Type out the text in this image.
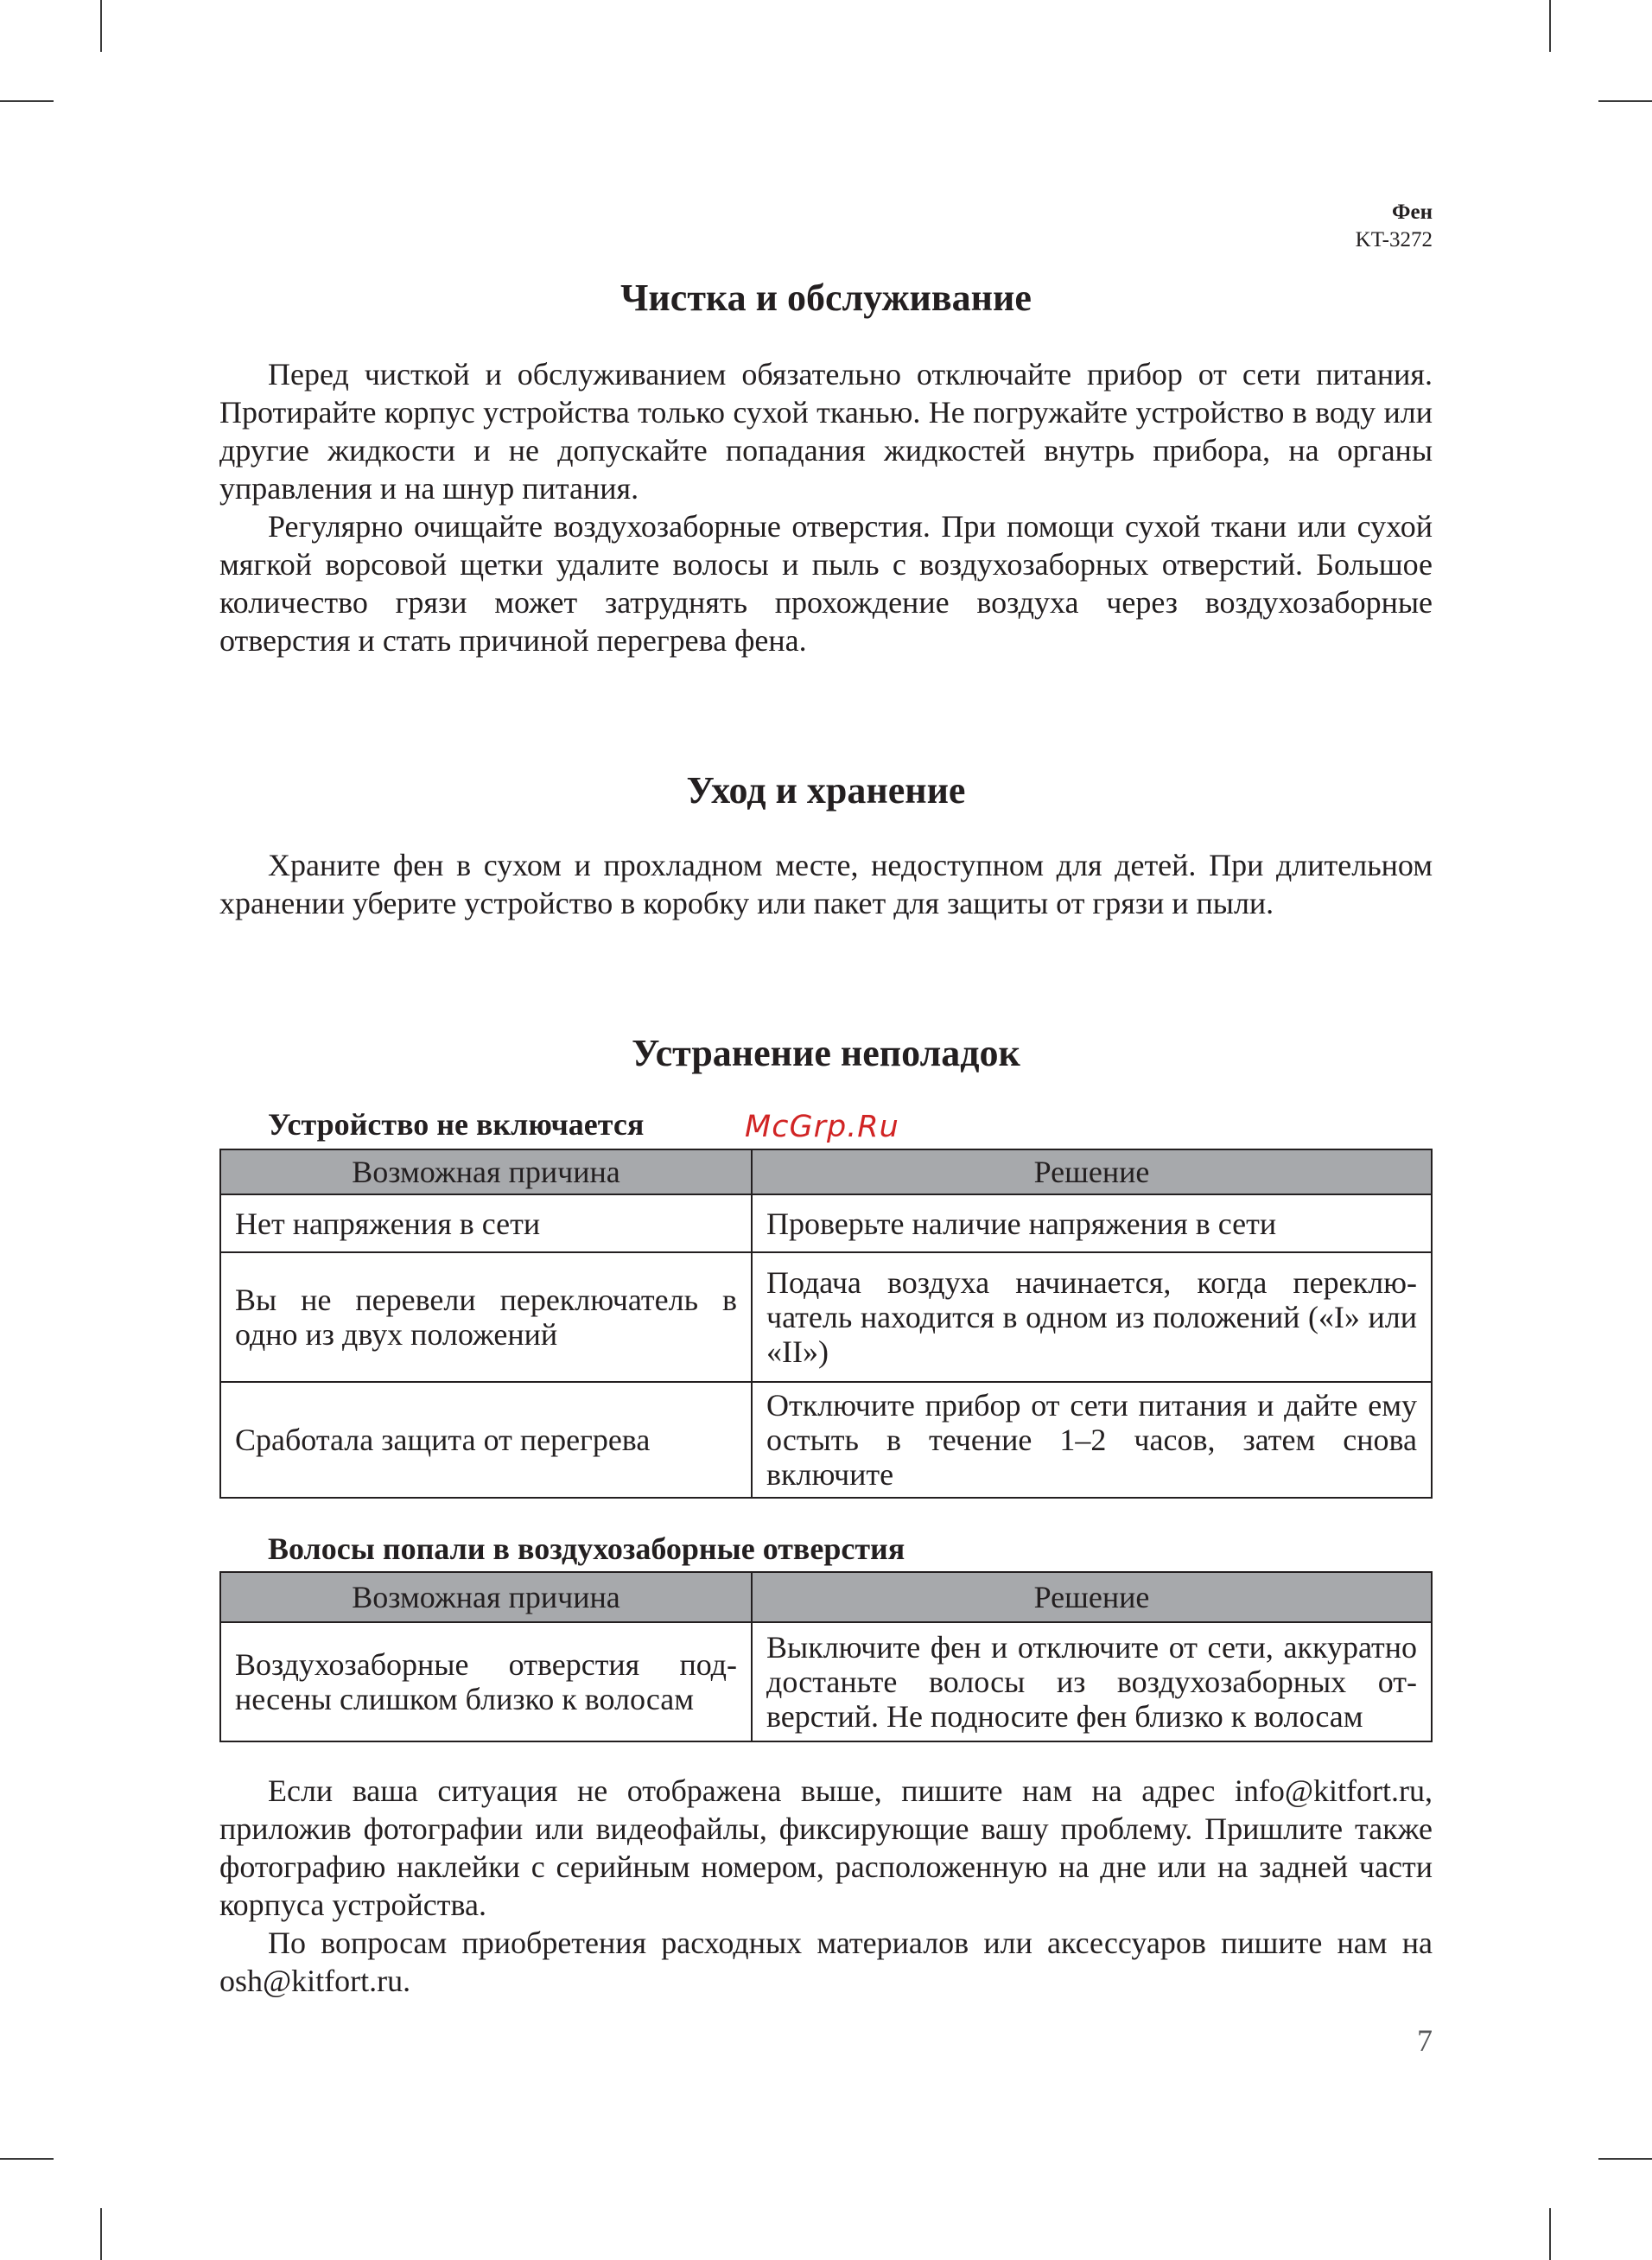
Фен
KT-3272
Чистка и обслуживание

Перед чисткой и обслуживанием обязательно отключайте прибор от сети питания. Протирайте корпус устройства только сухой тканью. Не погружайте устройство в воду или другие жидкости и не допускайте попадания жидкостей внутрь прибора, на органы управления и на шнур питания.

Регулярно очищайте воздухозаборные отверстия. При помощи сухой ткани или сухой мягкой ворсовой щетки удалите волосы и пыль с воздухозаборных отверстий. Большое количество грязи может затруднять прохождение воздуха через воздухозаборные отверстия и стать причиной перегрева фена.

Уход и хранение

Храните фен в сухом и прохладном месте, недоступном для детей. При длительном хранении уберите устройство в коробку или пакет для защиты от грязи и пыли.

Устранение неполадок

Устройство не включается

Возможная причина	Решение
Нет напряжения в сети	Проверьте наличие напряжения в сети
Вы не перевели переключатель в одно из двух положений	Подача воздуха начинается, когда переключатель находится в одном из положений («I» или «II»)
Сработала защита от перегрева	Отключите прибор от сети питания и дайте ему остыть в течение 1–2 часов, затем снова включите

Волосы попали в воздухозаборные отверстия

Возможная причина	Решение
Воздухозаборные отверстия поднесены слишком близко к волосам	Выключите фен и отключите от сети, аккуратно достаньте волосы из воздухозаборных отверстий. Не подносите фен близко к волосам

Если ваша ситуация не отображена выше, пишите нам на адрес info@kitfort.ru, приложив фотографии или видеофайлы, фиксирующие вашу проблему. Пришлите также фотографию наклейки с серийным номером, расположенную на дне или на задней части корпуса устройства.

По вопросам приобретения расходных материалов или аксессуаров пишите нам на osh@kitfort.ru.

McGrp.Ru
7
